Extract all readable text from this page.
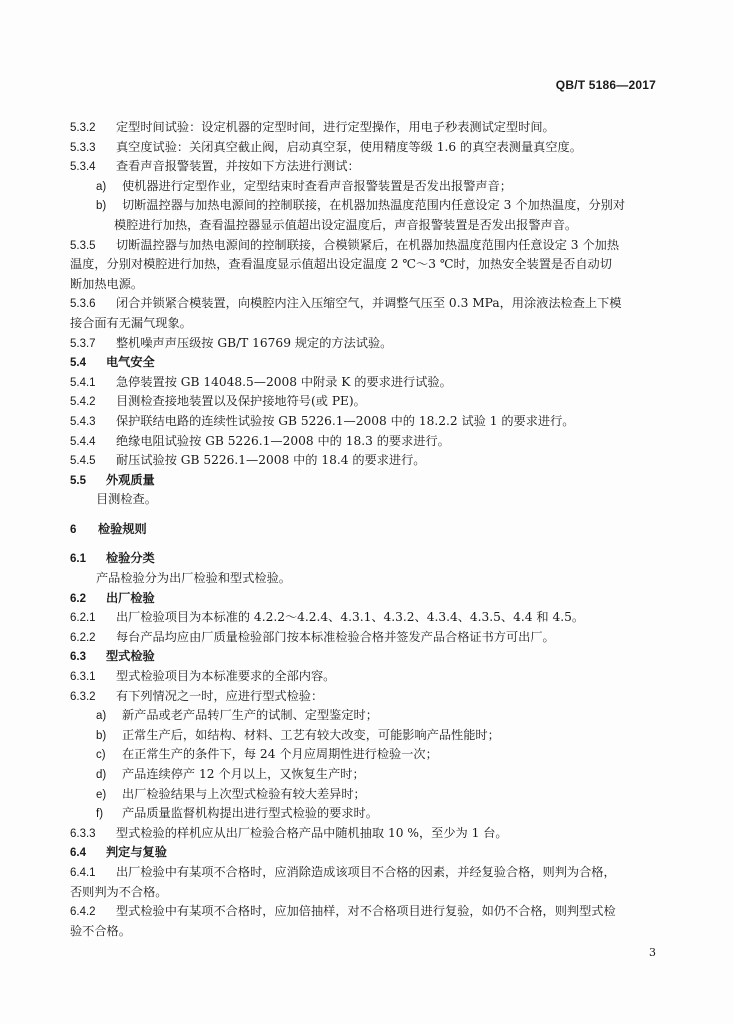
QB/T 5186—2017
5.3.2 定型时间试验：设定机器的定型时间，进行定型操作，用电子秒表测试定型时间。
5.3.3 真空度试验：关闭真空截止阀，启动真空泵，使用精度等级 1.6 的真空表测量真空度。
5.3.4 查看声音报警装置，并按如下方法进行测试：
a) 使机器进行定型作业，定型结束时查看声音报警装置是否发出报警声音；
b) 切断温控器与加热电源间的控制联接，在机器加热温度范围内任意设定 3 个加热温度，分别对
模腔进行加热，查看温控器显示值超出设定温度后，声音报警装置是否发出报警声音。
5.3.5 切断温控器与加热电源间的控制联接，合模锁紧后，在机器加热温度范围内任意设定 3 个加热
温度，分别对模腔进行加热，查看温度显示值超出设定温度 2 ℃～3 ℃时，加热安全装置是否自动切
断加热电源。
5.3.6 闭合并锁紧合模装置，向模腔内注入压缩空气，并调整气压至 0.3 MPa，用涂液法检查上下模
接合面有无漏气现象。
5.3.7 整机噪声声压级按 GB/T 16769 规定的方法试验。
5.4 电气安全
5.4.1 急停装置按 GB 14048.5—2008 中附录 K 的要求进行试验。
5.4.2 目测检查接地装置以及保护接地符号(或 PE)。
5.4.3 保护联结电路的连续性试验按 GB 5226.1—2008 中的 18.2.2 试验 1 的要求进行。
5.4.4 绝缘电阻试验按 GB 5226.1—2008 中的 18.3 的要求进行。
5.4.5 耐压试验按 GB 5226.1—2008 中的 18.4 的要求进行。
5.5 外观质量
目测检查。
6 检验规则
6.1 检验分类
产品检验分为出厂检验和型式检验。
6.2 出厂检验
6.2.1 出厂检验项目为本标准的 4.2.2～4.2.4、4.3.1、4.3.2、4.3.4、4.3.5、4.4 和 4.5。
6.2.2 每台产品均应由厂质量检验部门按本标准检验合格并签发产品合格证书方可出厂。
6.3 型式检验
6.3.1 型式检验项目为本标准要求的全部内容。
6.3.2 有下列情况之一时，应进行型式检验：
a) 新产品或老产品转厂生产的试制、定型鉴定时；
b) 正常生产后，如结构、材料、工艺有较大改变，可能影响产品性能时；
c) 在正常生产的条件下，每 24 个月应周期性进行检验一次；
d) 产品连续停产 12 个月以上，又恢复生产时；
e) 出厂检验结果与上次型式检验有较大差异时；
f) 产品质量监督机构提出进行型式检验的要求时。
6.3.3 型式检验的样机应从出厂检验合格产品中随机抽取 10 %，至少为 1 台。
6.4 判定与复验
6.4.1 出厂检验中有某项不合格时，应消除造成该项目不合格的因素，并经复验合格，则判为合格，
否则判为不合格。
6.4.2 型式检验中有某项不合格时，应加倍抽样，对不合格项目进行复验，如仍不合格，则判型式检
验不合格。
3
